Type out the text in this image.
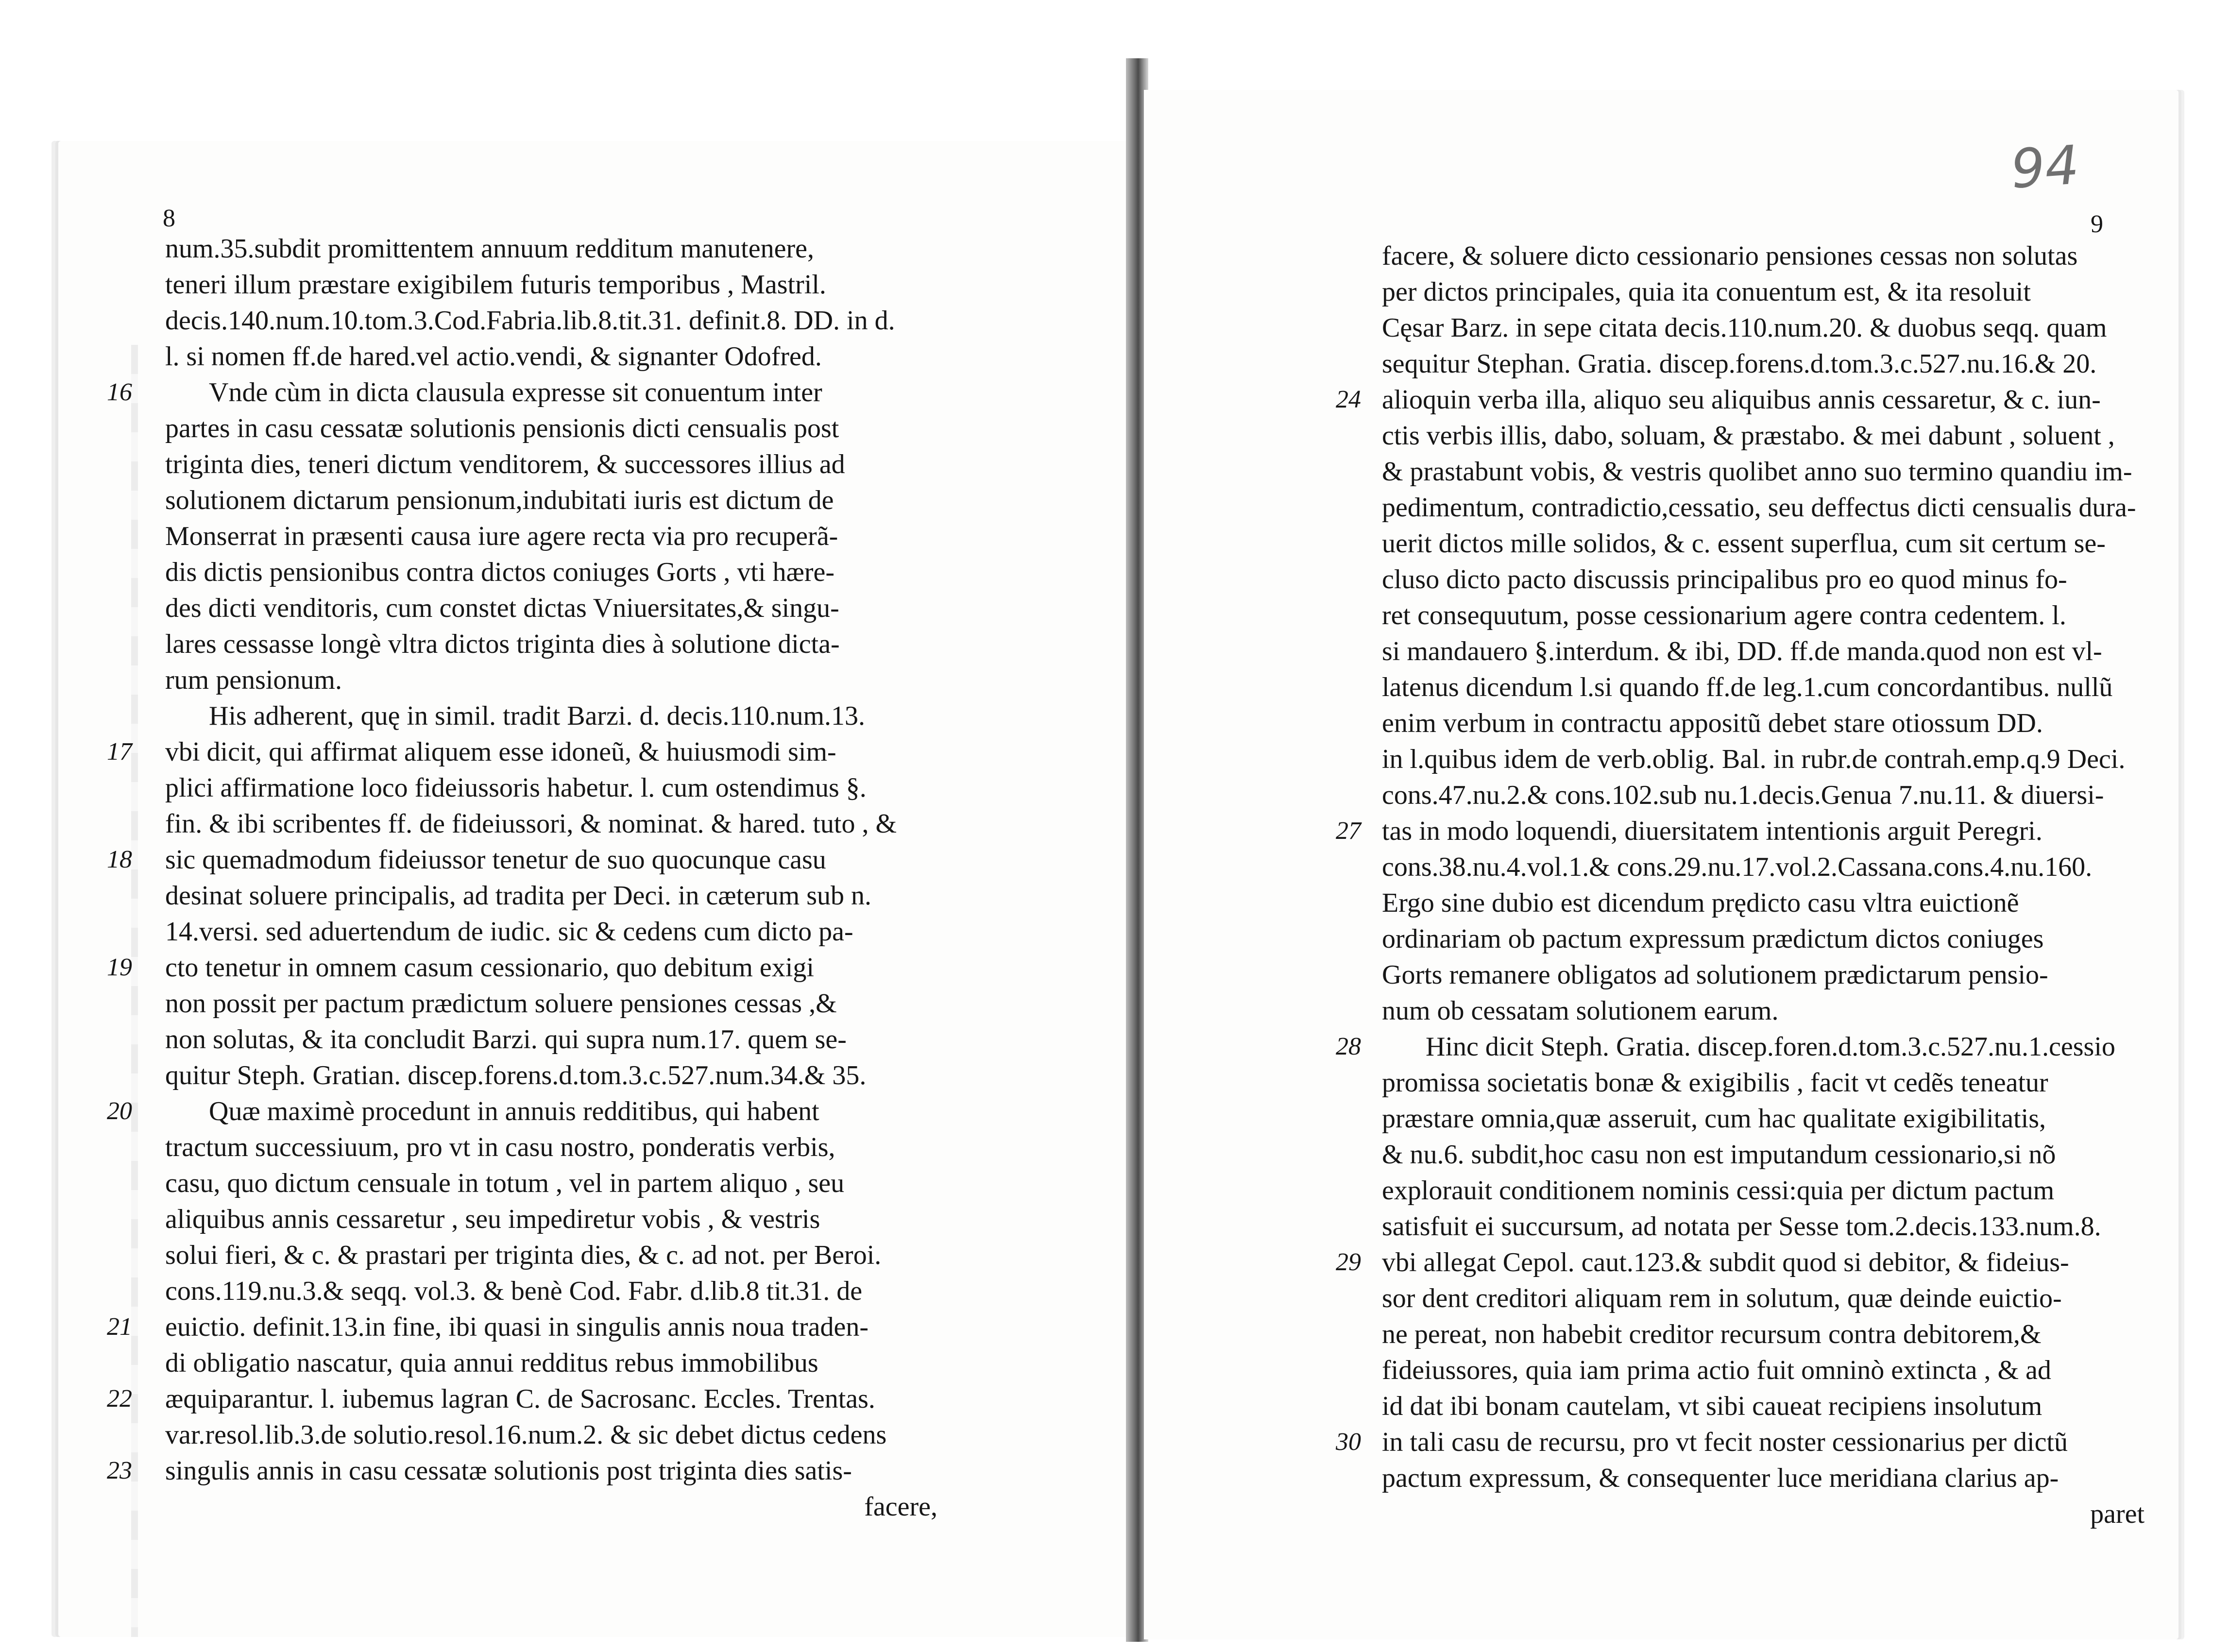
8
num.35.subdit promittentem annuum redditum manutenere,
teneri illum præstare exigibilem futuris temporibus , Mastril.
decis.140.num.10.tom.3.Cod.Fabria.lib.8.tit.31. definit.8. DD. in d.
l. si nomen ff.de hared.vel actio.vendi, & signanter Odofred.
Vnde cùm in dicta clausula expresse sit conuentum inter
16
partes in casu cessatæ solutionis pensionis dicti censualis post
triginta dies, teneri dictum venditorem, & successores illius ad
solutionem dictarum pensionum,indubitati iuris est dictum de
Monserrat in præsenti causa iure agere recta via pro recuperã-
dis dictis pensionibus contra dictos coniuges Gorts , vti hære-
des dicti venditoris, cum constet dictas Vniuersitates,& singu-
lares cessasse longè vltra dictos triginta dies à solutione dicta-
rum pensionum.
His adherent, quę in simil. tradit Barzi. d. decis.110.num.13.
vbi dicit, qui affirmat aliquem esse idoneũ, & huiusmodi sim-
17
plici affirmatione loco fideiussoris habetur. l. cum ostendimus §.
fin. & ibi scribentes ff. de fideiussori, & nominat. & hared. tuto , &
sic quemadmodum fideiussor tenetur de suo quocunque casu
18
desinat soluere principalis, ad tradita per Deci. in cæterum sub n.
14.versi. sed aduertendum de iudic. sic & cedens cum dicto pa-
cto tenetur in omnem casum cessionario, quo debitum exigi
19
non possit per pactum prædictum soluere pensiones cessas ,&
non solutas, & ita concludit Barzi. qui supra num.17. quem se-
quitur Steph. Gratian. discep.forens.d.tom.3.c.527.num.34.& 35.
Quæ maximè procedunt in annuis redditibus, qui habent
20
tractum successiuum, pro vt in casu nostro, ponderatis verbis,
casu, quo dictum censuale in totum , vel in partem aliquo , seu
aliquibus annis cessaretur , seu impediretur vobis , & vestris
solui fieri, & c. & prastari per triginta dies, & c. ad not. per Beroi.
cons.119.nu.3.& seqq. vol.3. & benè Cod. Fabr. d.lib.8 tit.31. de
euictio. definit.13.in fine, ibi quasi in singulis annis noua traden-
21
di obligatio nascatur, quia annui redditus rebus immobilibus
æquiparantur. l. iubemus lagran C. de Sacrosanc. Eccles. Trentas.
22
var.resol.lib.3.de solutio.resol.16.num.2. & sic debet dictus cedens
singulis annis in casu cessatæ solutionis post triginta dies satis-
23
facere,
94
9
facere, & soluere dicto cessionario pensiones cessas non solutas
per dictos principales, quia ita conuentum est, & ita resoluit
Cęsar Barz. in sepe citata decis.110.num.20. & duobus seqq. quam
sequitur Stephan. Gratia. discep.forens.d.tom.3.c.527.nu.16.& 20.
alioquin verba illa, aliquo seu aliquibus annis cessaretur, & c. iun-
24
ctis verbis illis, dabo, soluam, & præstabo. & mei dabunt , soluent ,
& prastabunt vobis, & vestris quolibet anno suo termino quandiu im-
pedimentum, contradictio,cessatio, seu deffectus dicti censualis dura-
uerit dictos mille solidos, & c. essent superflua, cum sit certum se-
cluso dicto pacto discussis principalibus pro eo quod minus fo-
ret consequutum, posse cessionarium agere contra cedentem. l.
si mandauero §.interdum. & ibi, DD. ff.de manda.quod non est vl-
latenus dicendum l.si quando ff.de leg.1.cum concordantibus. nullũ
enim verbum in contractu appositũ debet stare otiossum DD.
in l.quibus idem de verb.oblig. Bal. in rubr.de contrah.emp.q.9 Deci.
cons.47.nu.2.& cons.102.sub nu.1.decis.Genua 7.nu.11. & diuersi-
tas in modo loquendi, diuersitatem intentionis arguit Peregri.
27
cons.38.nu.4.vol.1.& cons.29.nu.17.vol.2.Cassana.cons.4.nu.160.
Ergo sine dubio est dicendum prędicto casu vltra euictionẽ
ordinariam ob pactum expressum prædictum dictos coniuges
Gorts remanere obligatos ad solutionem prædictarum pensio-
num ob cessatam solutionem earum.
Hinc dicit Steph. Gratia. discep.foren.d.tom.3.c.527.nu.1.cessio
28
promissa societatis bonæ & exigibilis , facit vt cedẽs teneatur
præstare omnia,quæ asseruit, cum hac qualitate exigibilitatis,
& nu.6. subdit,hoc casu non est imputandum cessionario,si nõ
explorauit conditionem nominis cessi:quia per dictum pactum
satisfuit ei succursum, ad notata per Sesse tom.2.decis.133.num.8.
vbi allegat Cepol. caut.123.& subdit quod si debitor, & fideius-
29
sor dent creditori aliquam rem in solutum, quæ deinde euictio-
ne pereat, non habebit creditor recursum contra debitorem,&
fideiussores, quia iam prima actio fuit omninò extincta , & ad
id dat ibi bonam cautelam, vt sibi caueat recipiens insolutum
in tali casu de recursu, pro vt fecit noster cessionarius per dictũ
30
pactum expressum, & consequenter luce meridiana clarius ap-
paret
